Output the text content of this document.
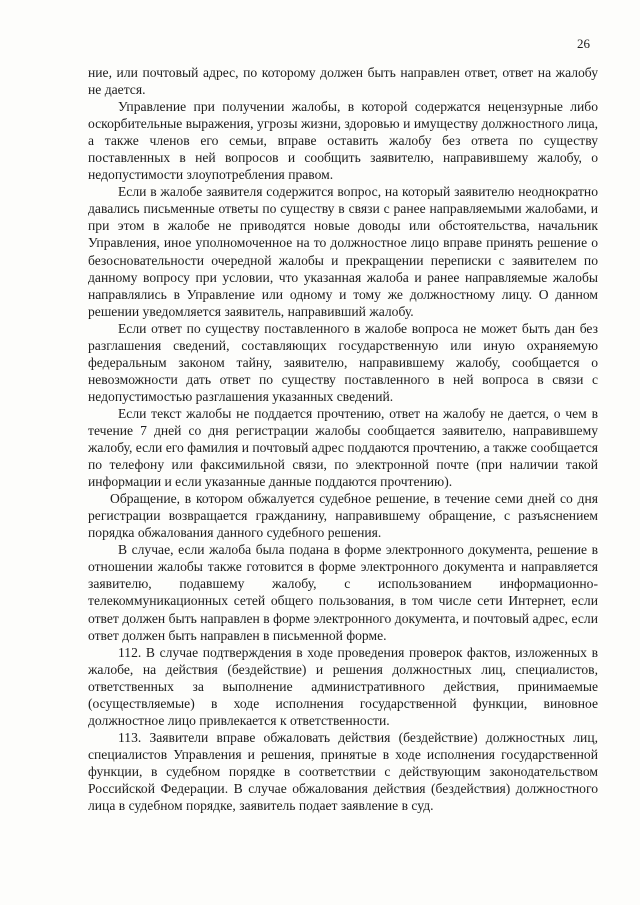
26

ние, или почтовый адрес, по которому должен быть направлен ответ, ответ на жалобу не дается.

Управление при получении жалобы, в которой содержатся нецензурные либо оскорбительные выражения, угрозы жизни, здоровью и имуществу должностного лица, а также членов его семьи, вправе оставить жалобу без ответа по существу поставленных в ней вопросов и сообщить заявителю, направившему жалобу, о недопустимости злоупотребления правом.

Если в жалобе заявителя содержится вопрос, на который заявителю неоднократно давались письменные ответы по существу в связи с ранее направляемыми жалобами, и при этом в жалобе не приводятся новые доводы или обстоятельства, начальник Управления, иное уполномоченное на то должностное лицо вправе принять решение о безосновательности очередной жалобы и прекращении переписки с заявителем по данному вопросу при условии, что указанная жалоба и ранее направляемые жалобы направлялись в Управление или одному и тому же должностному лицу. О данном решении уведомляется заявитель, направивший жалобу.

Если ответ по существу поставленного в жалобе вопроса не может быть дан без разглашения сведений, составляющих государственную или иную охраняемую федеральным законом тайну, заявителю, направившему жалобу, сообщается о невозможности дать ответ по существу поставленного в ней вопроса в связи с недопустимостью разглашения указанных сведений.

Если текст жалобы не поддается прочтению, ответ на жалобу не дается, о чем в течение 7 дней со дня регистрации жалобы сообщается заявителю, направившему жалобу, если его фамилия и почтовый адрес поддаются прочтению, а также сообщается по телефону или факсимильной связи, по электронной почте (при наличии такой информации и если указанные данные поддаются прочтению).

Обращение, в котором обжалуется судебное решение, в течение семи дней со дня регистрации возвращается гражданину, направившему обращение, с разъяснением порядка обжалования данного судебного решения.

В случае, если жалоба была подана в форме электронного документа, решение в отношении жалобы также готовится в форме электронного документа и направляется заявителю, подавшему жалобу, с использованием информационно-телекоммуникационных сетей общего пользования, в том числе сети Интернет, если ответ должен быть направлен в форме электронного документа, и почтовый адрес, если ответ должен быть направлен в письменной форме.

112. В случае подтверждения в ходе проведения проверок фактов, изложенных в жалобе, на действия (бездействие) и решения должностных лиц, специалистов, ответственных за выполнение административного действия, принимаемые (осуществляемые) в ходе исполнения государственной функции, виновное должностное лицо привлекается к ответственности.

113. Заявители вправе обжаловать действия (бездействие) должностных лиц, специалистов Управления и решения, принятые в ходе исполнения государственной функции, в судебном порядке в соответствии с действующим законодательством Российской Федерации. В случае обжалования действия (бездействия) должностного лица в судебном порядке, заявитель подает заявление в суд.
